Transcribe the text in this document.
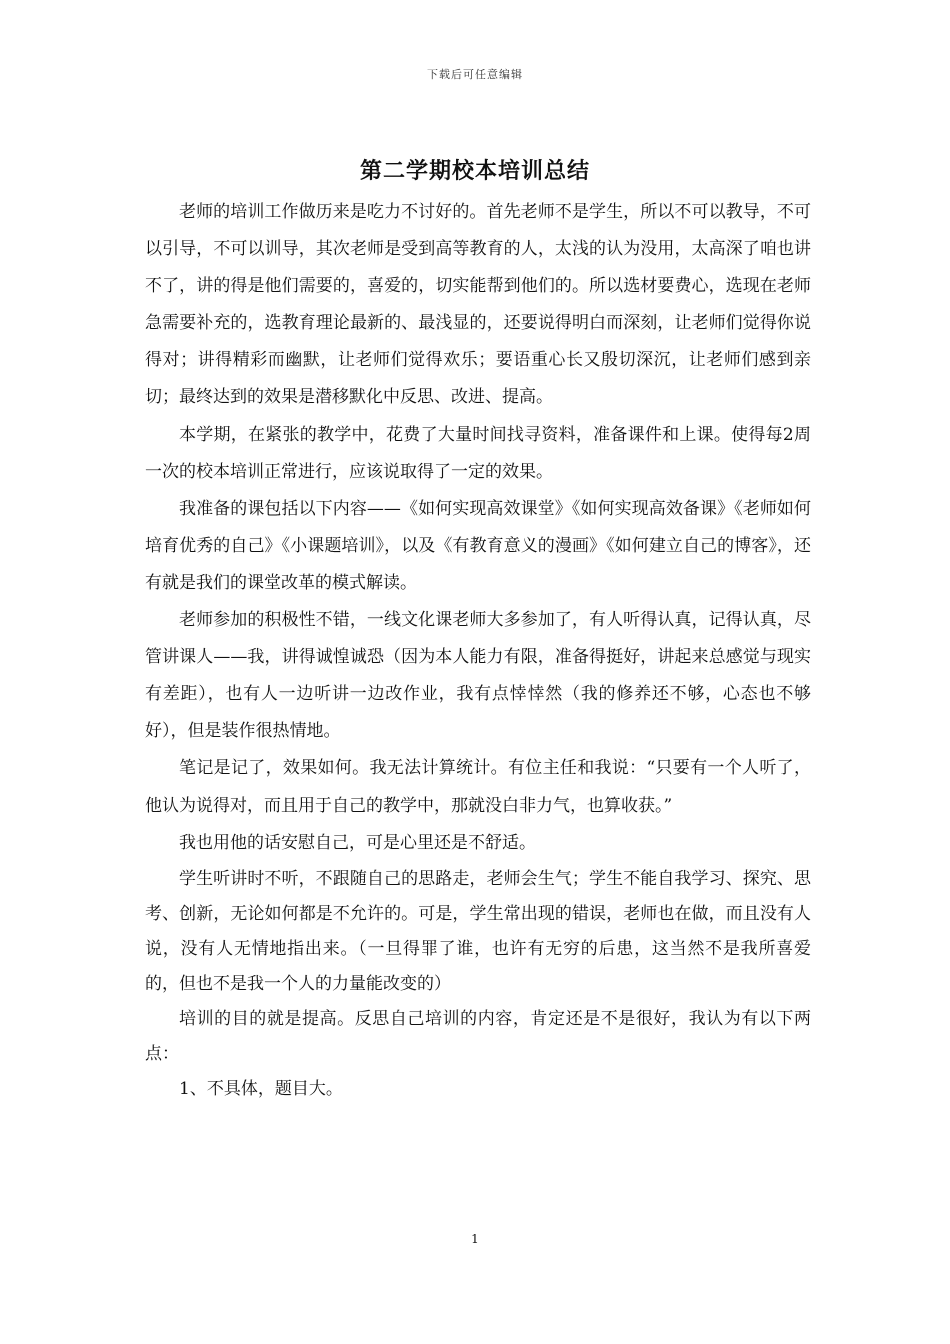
下载后可任意编辑
第二学期校本培训总结

老师的培训工作做历来是吃力不讨好的。首先老师不是学生，所以不可以教导，不可以引导，不可以训导，其次老师是受到高等教育的人，太浅的认为没用，太高深了咱也讲不了，讲的得是他们需要的，喜爱的，切实能帮到他们的。所以选材要费心，选现在老师急需要补充的，选教育理论最新的、最浅显的，还要说得明白而深刻，让老师们觉得你说得对；讲得精彩而幽默，让老师们觉得欢乐；要语重心长又殷切深沉，让老师们感到亲切；最终达到的效果是潜移默化中反思、改进、提高。

本学期，在紧张的教学中，花费了大量时间找寻资料，准备课件和上课。使得每2周一次的校本培训正常进行，应该说取得了一定的效果。

我准备的课包括以下内容——《如何实现高效课堂》《如何实现高效备课》《老师如何培育优秀的自己》《小课题培训》，以及《有教育意义的漫画》《如何建立自己的博客》，还有就是我们的课堂改革的模式解读。

老师参加的积极性不错，一线文化课老师大多参加了，有人听得认真，记得认真，尽管讲课人——我，讲得诚惶诚恐（因为本人能力有限，准备得挺好，讲起来总感觉与现实有差距），也有人一边听讲一边改作业，我有点悻悻然（我的修养还不够，心态也不够好），但是装作很热情地。

笔记是记了，效果如何。我无法计算统计。有位主任和我说：“只要有一个人听了，他认为说得对，而且用于自己的教学中，那就没白非力气，也算收获。”

我也用他的话安慰自己，可是心里还是不舒适。

学生听讲时不听，不跟随自己的思路走，老师会生气；学生不能自我学习、探究、思考、创新，无论如何都是不允许的。可是，学生常出现的错误，老师也在做，而且没有人说，没有人无情地指出来。（一旦得罪了谁，也许有无穷的后患，这当然不是我所喜爱的，但也不是我一个人的力量能改变的）

培训的目的就是提高。反思自己培训的内容，肯定还是不是很好，我认为有以下两点：

1、不具体，题目大。

1
